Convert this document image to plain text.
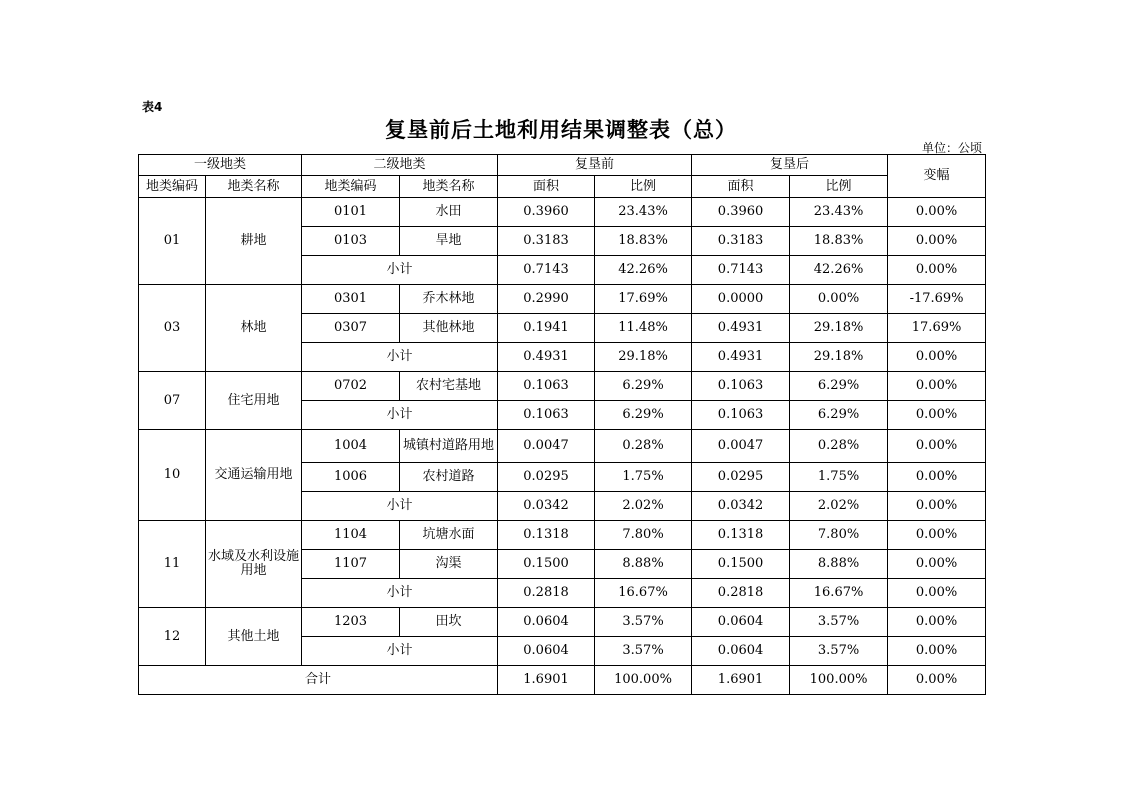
表4
复垦前后土地利用结果调整表（总）
单位：公顷
一级地类		二级地类		复垦前		复垦后		变幅
地类编码	地类名称	地类编码	地类名称	面积	比例	面积	比例	
01	耕地	0101	水田	0.3960	23.43%	0.3960	23.43%	0.00%
		0103	旱地	0.3183	18.83%	0.3183	18.83%	0.00%
		小计		0.7143	42.26%	0.7143	42.26%	0.00%
03	林地	0301	乔木林地	0.2990	17.69%	0.0000	0.00%	-17.69%
		0307	其他林地	0.1941	11.48%	0.4931	29.18%	17.69%
		小计		0.4931	29.18%	0.4931	29.18%	0.00%
07	住宅用地	0702	农村宅基地	0.1063	6.29%	0.1063	6.29%	0.00%
		小计		0.1063	6.29%	0.1063	6.29%	0.00%
10	交通运输用地	1004	城镇村道路用地	0.0047	0.28%	0.0047	0.28%	0.00%
		1006	农村道路	0.0295	1.75%	0.0295	1.75%	0.00%
		小计		0.0342	2.02%	0.0342	2.02%	0.00%
11	水域及水利设施用地	1104	坑塘水面	0.1318	7.80%	0.1318	7.80%	0.00%
		1107	沟渠	0.1500	8.88%	0.1500	8.88%	0.00%
		小计		0.2818	16.67%	0.2818	16.67%	0.00%
12	其他土地	1203	田坎	0.0604	3.57%	0.0604	3.57%	0.00%
		小计		0.0604	3.57%	0.0604	3.57%	0.00%
合计				1.6901	100.00%	1.6901	100.00%	0.00%
